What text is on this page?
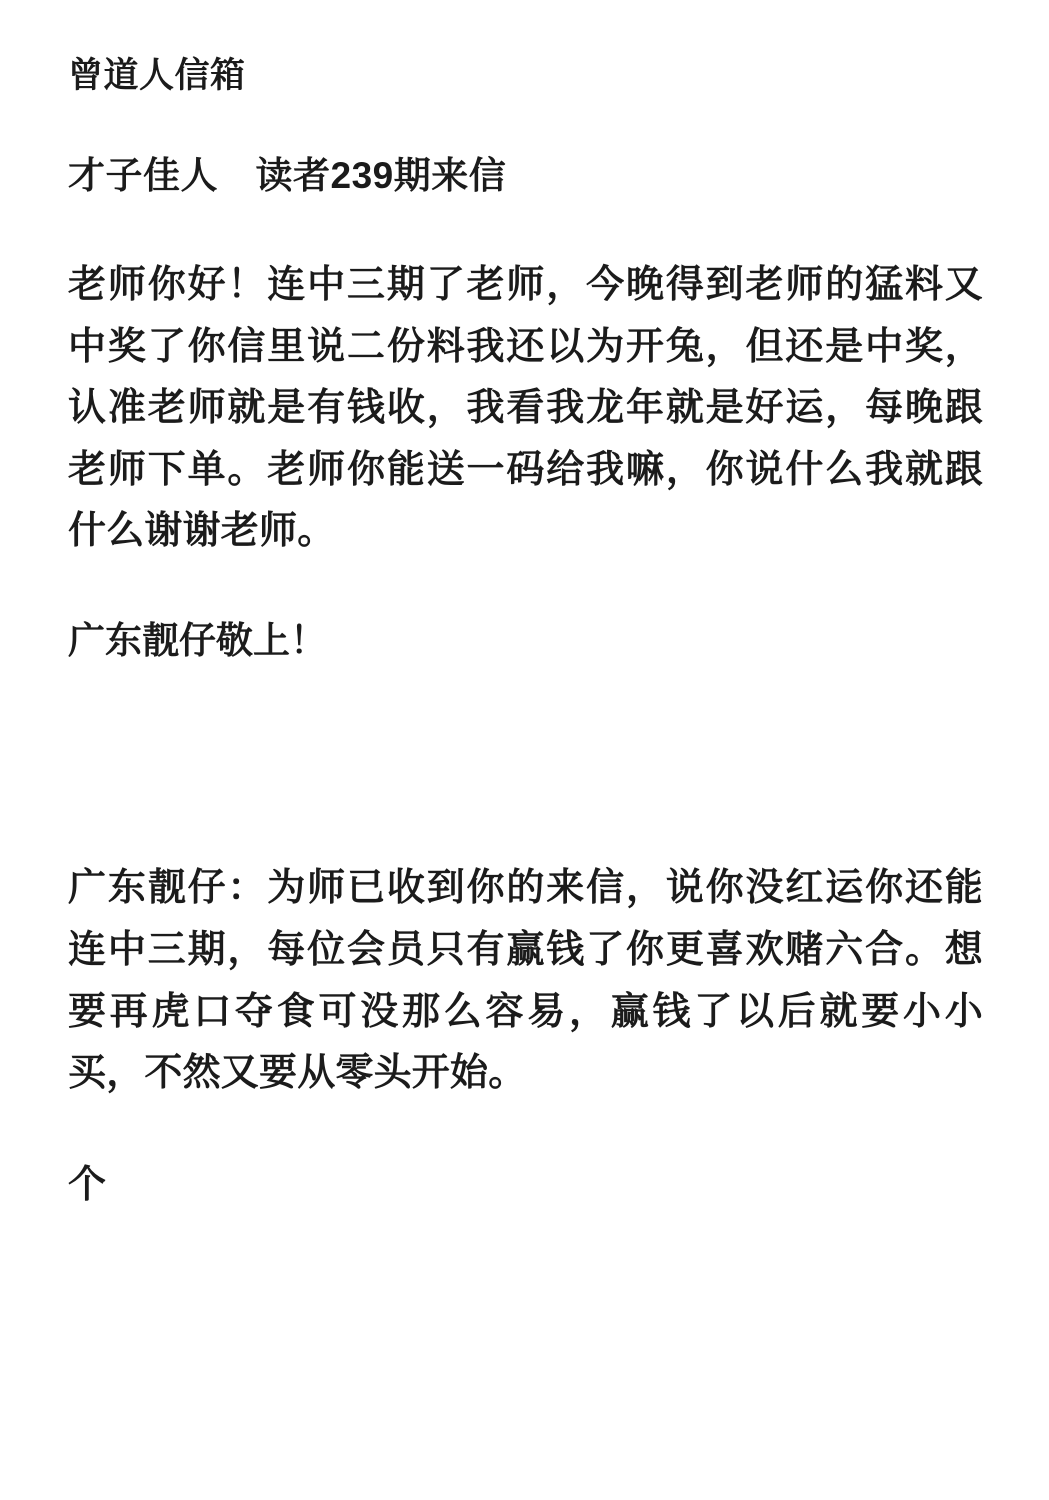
曾道人信箱
才子佳人　读者239期来信

老师你好！连中三期了老师，今晚得到老师的猛料又中奖了你信里说二份料我还以为开兔，但还是中奖，认准老师就是有钱收，我看我龙年就是好运，每晚跟老师下单。老师你能送一码给我嘛，你说什么我就跟什么谢谢老师。

广东靓仔敬上！

广东靓仔：为师已收到你的来信，说你没红运你还能连中三期，每位会员只有赢钱了你更喜欢赌六合。想要再虎口夺食可没那么容易，赢钱了以后就要小小买，不然又要从零头开始。

个
